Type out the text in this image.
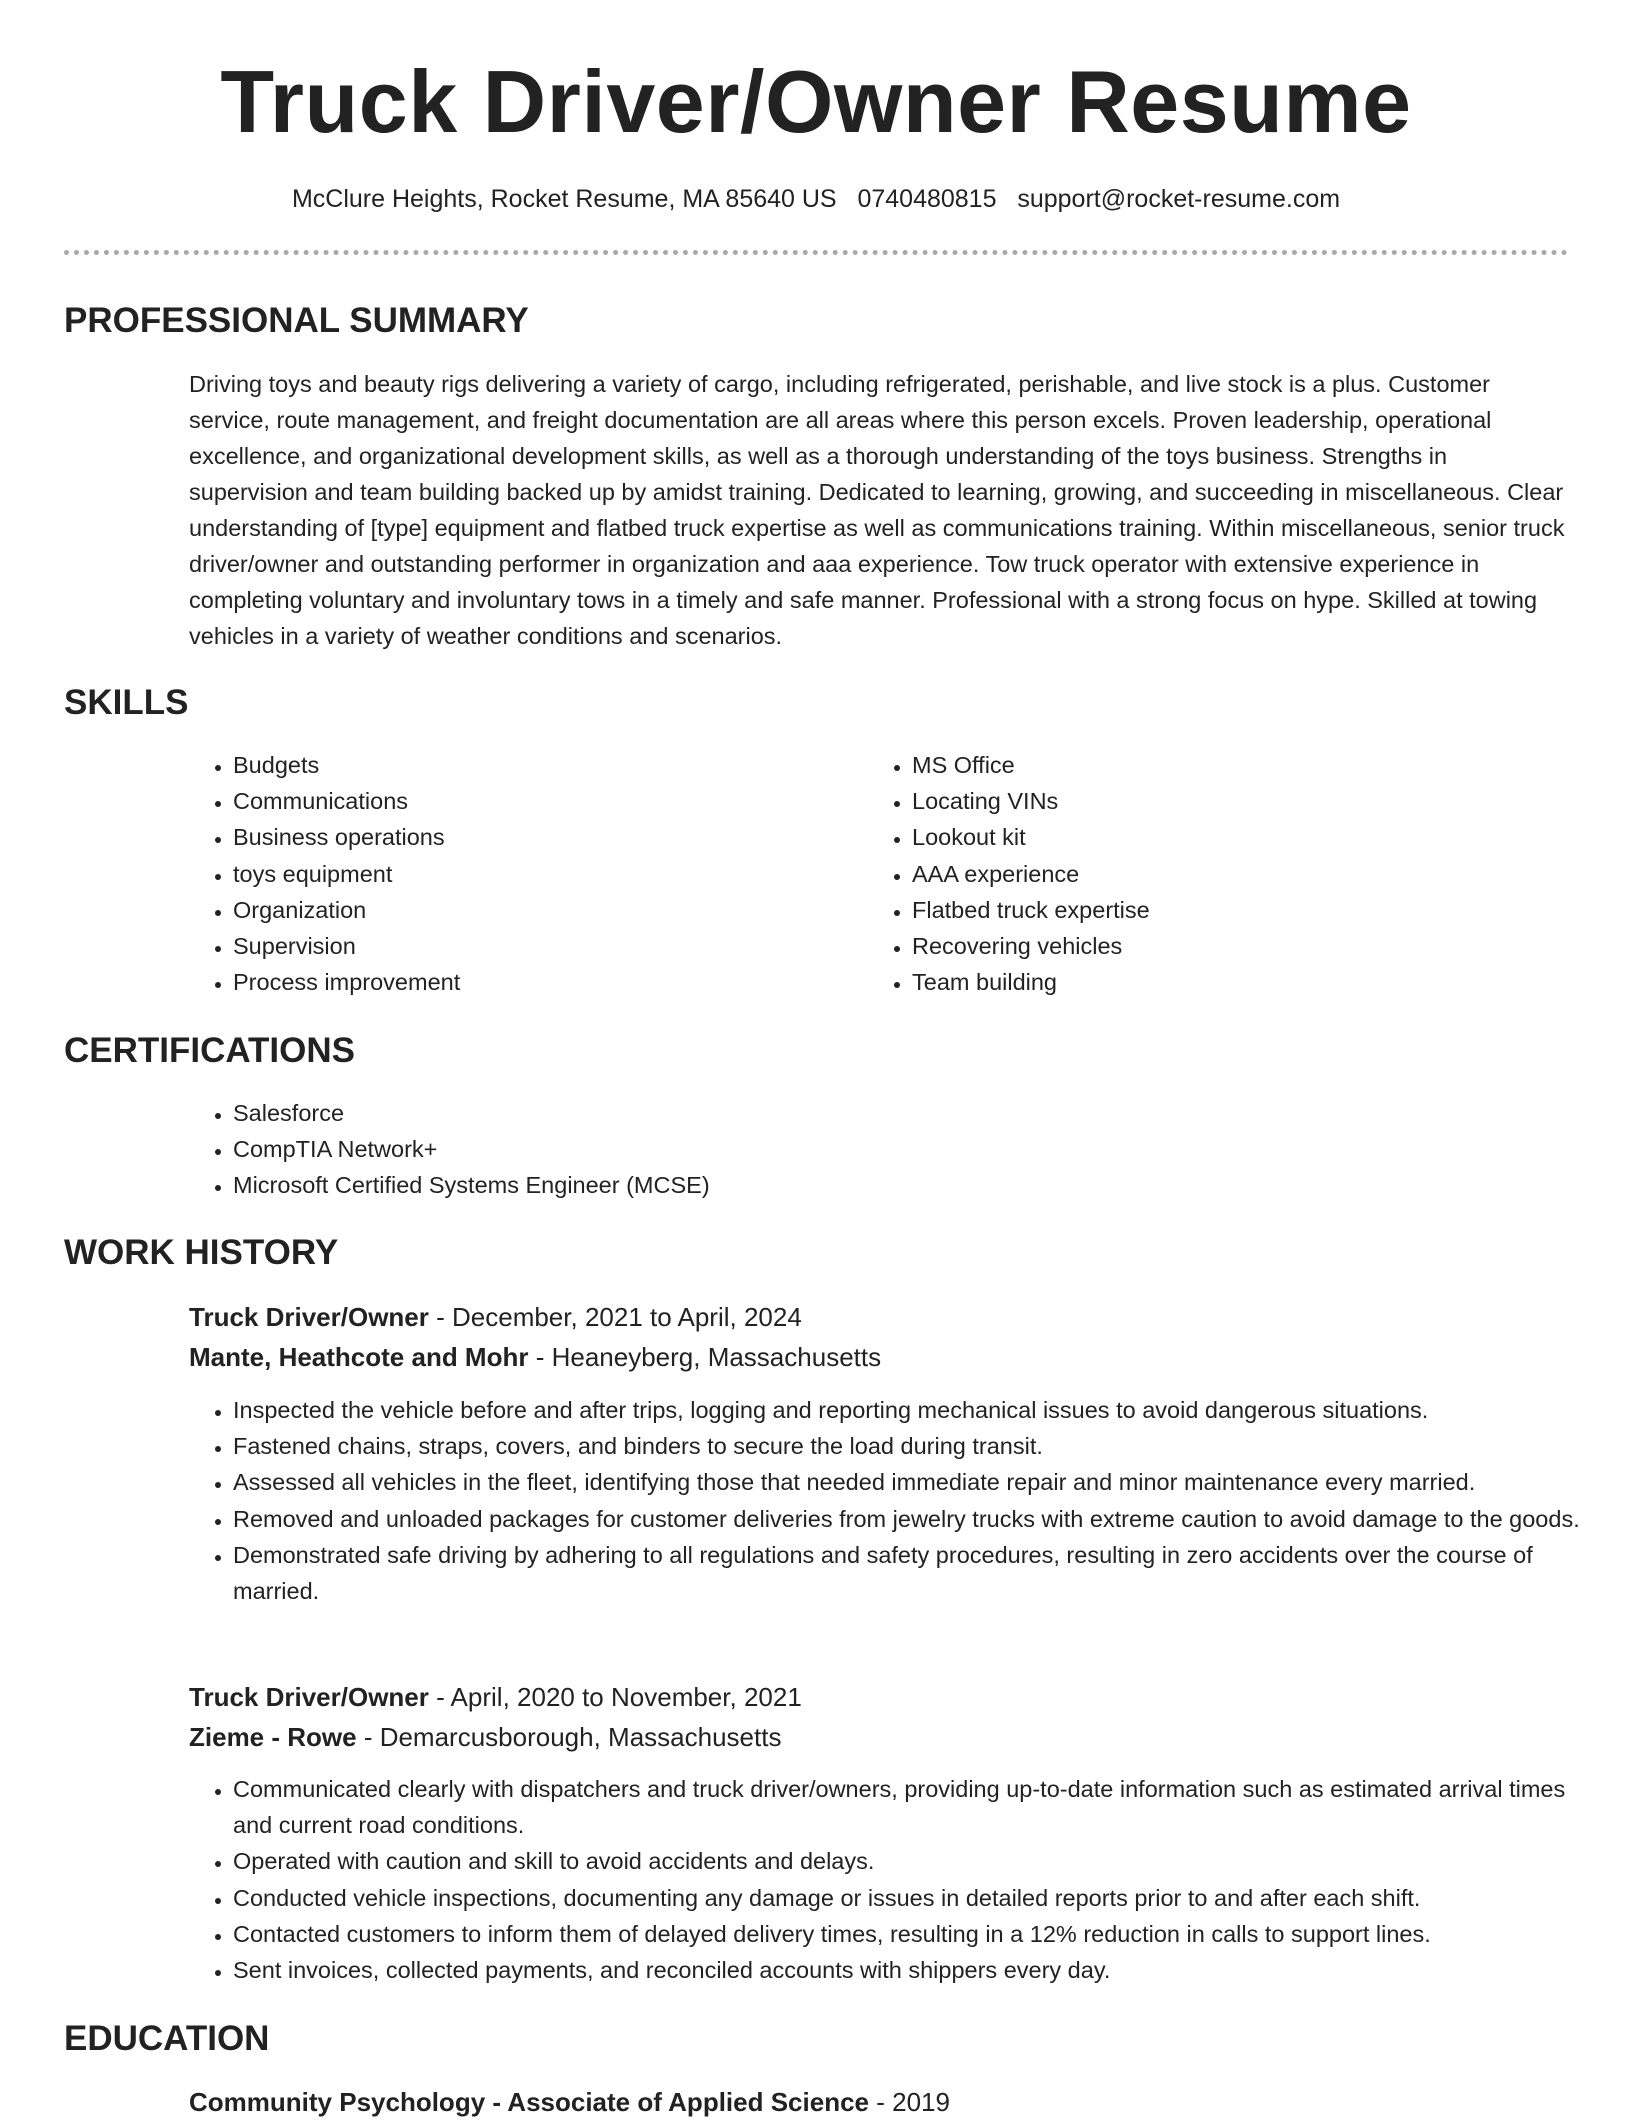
Truck Driver/Owner Resume
McClure Heights, Rocket Resume, MA 85640 US 0740480815 support@rocket-resume.com
PROFESSIONAL SUMMARY

Driving toys and beauty rigs delivering a variety of cargo, including refrigerated, perishable, and live stock is a plus. Customer service, route management, and freight documentation are all areas where this person excels. Proven leadership, operational excellence, and organizational development skills, as well as a thorough understanding of the toys business. Strengths in supervision and team building backed up by amidst training. Dedicated to learning, growing, and succeeding in miscellaneous. Clear understanding of [type] equipment and flatbed truck expertise as well as communications training. Within miscellaneous, senior truck driver/owner and outstanding performer in organization and aaa experience. Tow truck operator with extensive experience in completing voluntary and involuntary tows in a timely and safe manner. Professional with a strong focus on hype. Skilled at towing vehicles in a variety of weather conditions and scenarios.

SKILLS
• Budgets
• Communications
• Business operations
• toys equipment
• Organization
• Supervision
• Process improvement
• MS Office
• Locating VINs
• Lookout kit
• AAA experience
• Flatbed truck expertise
• Recovering vehicles
• Team building
CERTIFICATIONS
• Salesforce
• CompTIA Network+
• Microsoft Certified Systems Engineer (MCSE)
WORK HISTORY
Truck Driver/Owner - December, 2021 to April, 2024
Mante, Heathcote and Mohr - Heaneyberg, Massachusetts
• Inspected the vehicle before and after trips, logging and reporting mechanical issues to avoid dangerous situations.
• Fastened chains, straps, covers, and binders to secure the load during transit.
• Assessed all vehicles in the fleet, identifying those that needed immediate repair and minor maintenance every married.
• Removed and unloaded packages for customer deliveries from jewelry trucks with extreme caution to avoid damage to the goods.
• Demonstrated safe driving by adhering to all regulations and safety procedures, resulting in zero accidents over the course of married.
Truck Driver/Owner - April, 2020 to November, 2021
Zieme - Rowe - Demarcusborough, Massachusetts
• Communicated clearly with dispatchers and truck driver/owners, providing up-to-date information such as estimated arrival times and current road conditions.
• Operated with caution and skill to avoid accidents and delays.
• Conducted vehicle inspections, documenting any damage or issues in detailed reports prior to and after each shift.
• Contacted customers to inform them of delayed delivery times, resulting in a 12% reduction in calls to support lines.
• Sent invoices, collected payments, and reconciled accounts with shippers every day.
EDUCATION
Community Psychology - Associate of Applied Science - 2019
